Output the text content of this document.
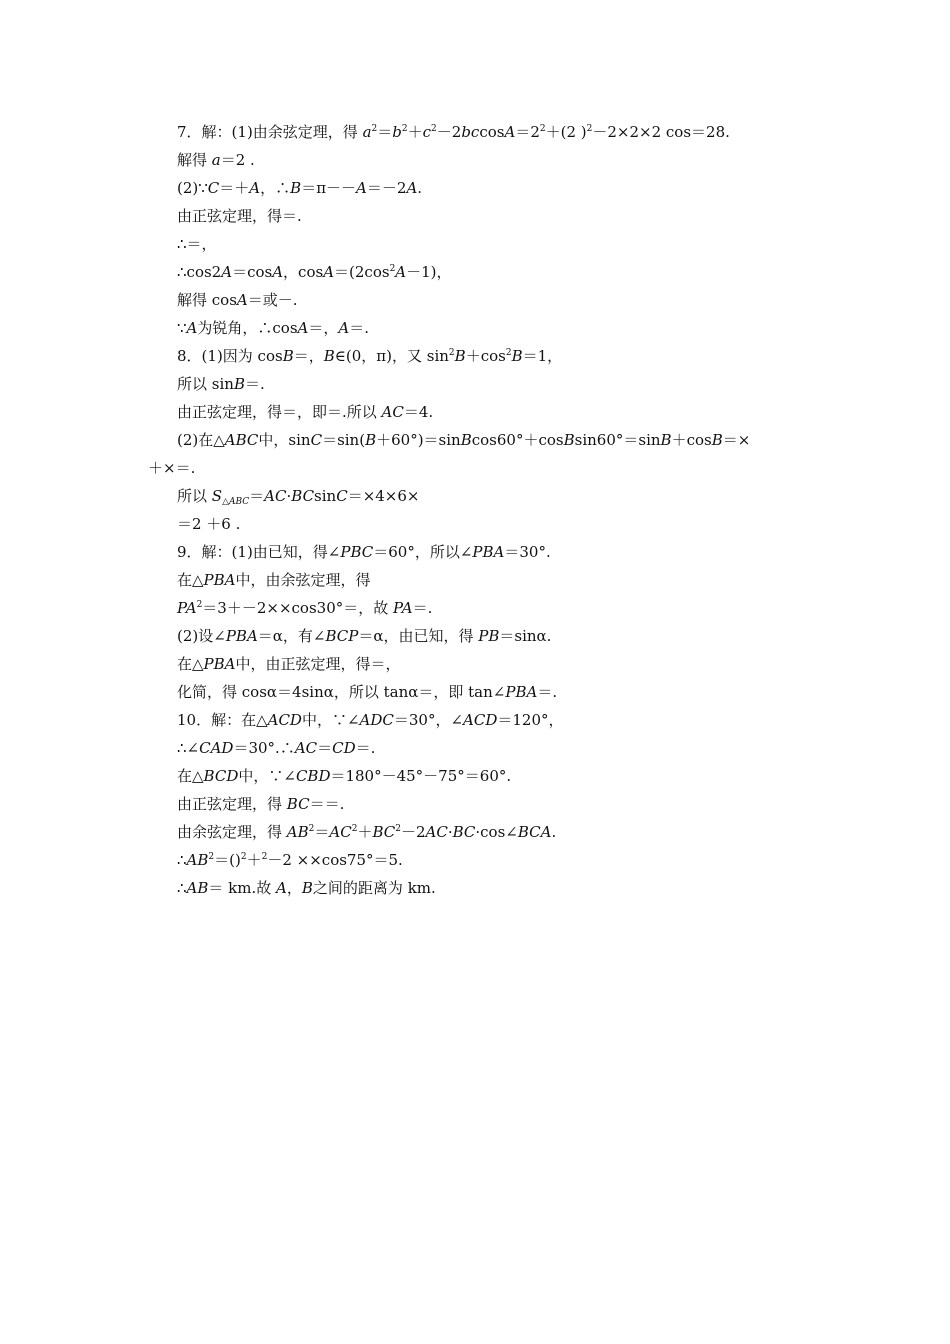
7．解：(1)由余弦定理，得 $a^2=b^2+c^2-2bccosA=2^2+(2$ )$^2$－2×2×2 cos＝28.
解得 a＝2 .
(2)∵C＝＋A，∴B＝π－－A＝－2A.
由正弦定理，得＝.
∴＝，
∴cos2A＝cosA，$\cos A=(2\cos^2A-1)$，
解得 cosA＝或－.
∵A为锐角，∴cosA＝，A＝.
8．(1)因为 cosB＝，B∈(0，π)，又 $\sin^2B+\cos^2B=1$，
所以 sinB＝.
由正弦定理，得＝，即＝.所以 AC＝4.
(2)在△ABC中，sinC＝sin(B＋60°)＝sinBcos60°＋cosBsin60°＝sinB＋cosB＝×
＋×＝.
所以 $S_{\triangle ABC}=AC\cdot BCsinC=\times 4\times 6\times$
＝2 ＋6 .
9．解：(1)由已知，得∠PBC＝60°，所以∠PBA＝30°.
在△PBA中，由余弦定理，得
$PA^2=3+-2\times\times\cos 30^\circ=$，故 PA＝.
(2)设∠PBA＝α，有∠BCP＝α，由已知，得 PB＝sinα.
在△PBA中，由正弦定理，得＝，
化简，得 cosα＝4sinα，所以 tanα＝，即 tan∠PBA＝.
10．解：在△ACD中，∵∠ADC＝30°，∠ACD＝120°，
∴∠CAD＝30°.∴AC＝CD＝.
在△BCD中，∵∠CBD＝180°－45°－75°＝60°.
由正弦定理，得 BC＝＝.
由余弦定理，得 $AB^2=AC^2+BC^2-2AC\cdot BC\cdot\cos\angle BCA$.
$\therefore AB^2=()^2+^2-2 \times\times\cos 75^\circ=5$.
∴AB＝ km.故 A，B之间的距离为 km.
